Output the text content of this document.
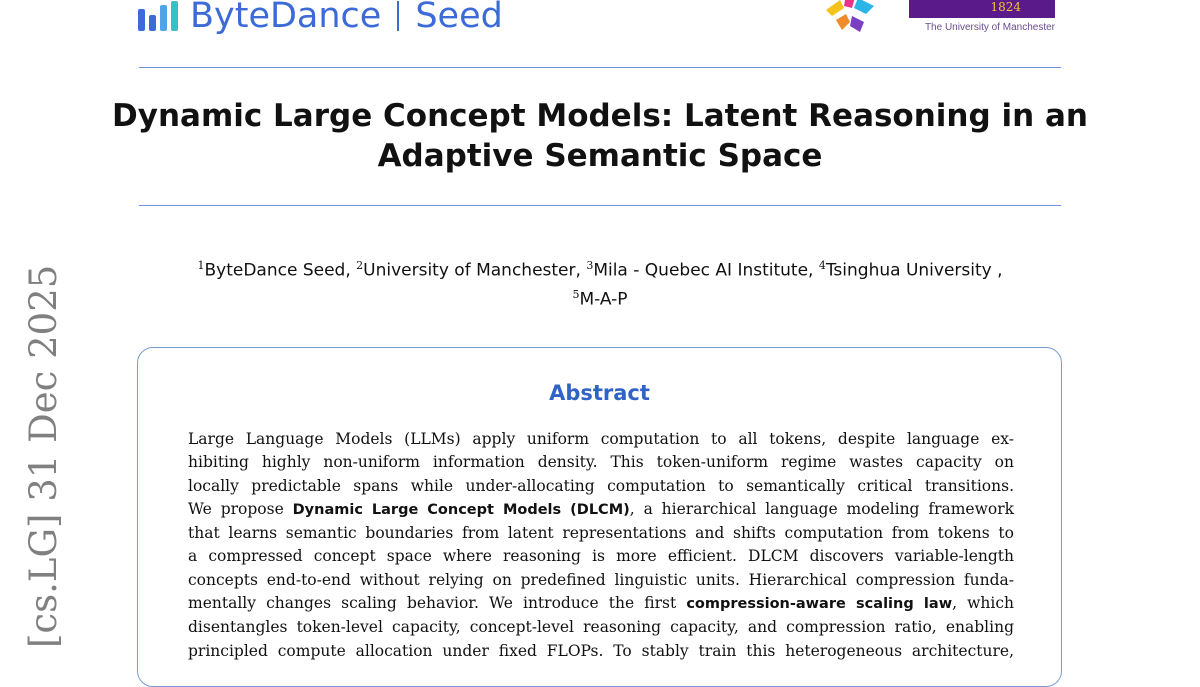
ByteDance Seed	1824
The University of Manchester
Dynamic Large Concept Models: Latent Reasoning in an
Adaptive Semantic Space
$^1$ByteDance Seed, $^2$University of Manchester, $^3$Mila - Quebec AI Institute, $^4$Tsinghua University ,
$^5$M-A-P
Abstract
Large Language Models (LLMs) apply uniform computation to all tokens, despite language ex-
hibiting highly non-uniform information density. This token-uniform regime wastes capacity on
locally predictable spans while under-allocating computation to semantically critical transitions.
We propose Dynamic Large Concept Models (DLCM), a hierarchical language modeling framework
that learns semantic boundaries from latent representations and shifts computation from tokens to
a compressed concept space where reasoning is more efficient. DLCM discovers variable-length
concepts end-to-end without relying on predefined linguistic units. Hierarchical compression funda-
mentally changes scaling behavior. We introduce the first compression-aware scaling law, which
disentangles token-level capacity, concept-level reasoning capacity, and compression ratio, enabling
principled compute allocation under fixed FLOPs. To stably train this heterogeneous architecture,
[cs.LG] 31 Dec 2025
